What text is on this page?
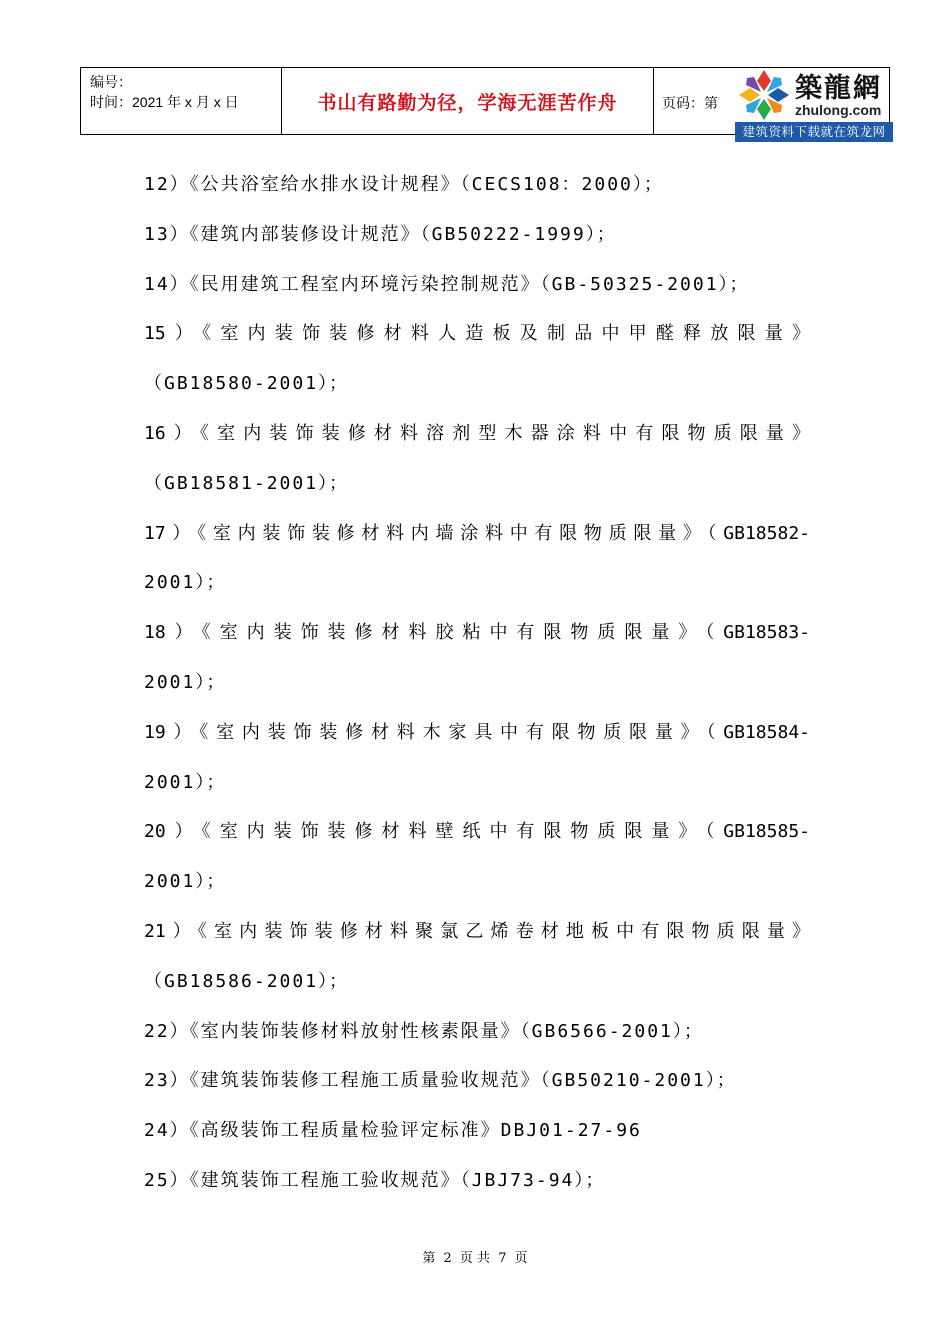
编号：
时间：2021 年 x 月 x 日	书山有路勤为径，学海无涯苦作舟	页码：第	築龍網
zhulong.com
建筑资料下载就在筑龙网
12）《公共浴室给水排水设计规程》（CECS108：2000）；
13）《建筑内部装修设计规范》（GB50222-1999）；
14）《民用建筑工程室内环境污染控制规范》（GB-50325-2001）；
15）《室内装饰装修材料人造板及制品中甲醛释放限量》
（GB18580-2001）；
16）《室内装饰装修材料溶剂型木器涂料中有限物质限量》
（GB18581-2001）；
17）《室内装饰装修材料内墙涂料中有限物质限量》（GB18582-
2001）；
18）《室内装饰装修材料胶粘中有限物质限量》（GB18583-
2001）；
19）《室内装饰装修材料木家具中有限物质限量》（GB18584-
2001）；
20）《室内装饰装修材料壁纸中有限物质限量》（GB18585-
2001）；
21）《室内装饰装修材料聚氯乙烯卷材地板中有限物质限量》
（GB18586-2001）；
22）《室内装饰装修材料放射性核素限量》（GB6566-2001）；
23）《建筑装饰装修工程施工质量验收规范》（GB50210-2001）；
24）《高级装饰工程质量检验评定标准》DBJ01-27-96
25）《建筑装饰工程施工验收规范》（JBJ73-94）；
第 2 页 共 7 页
